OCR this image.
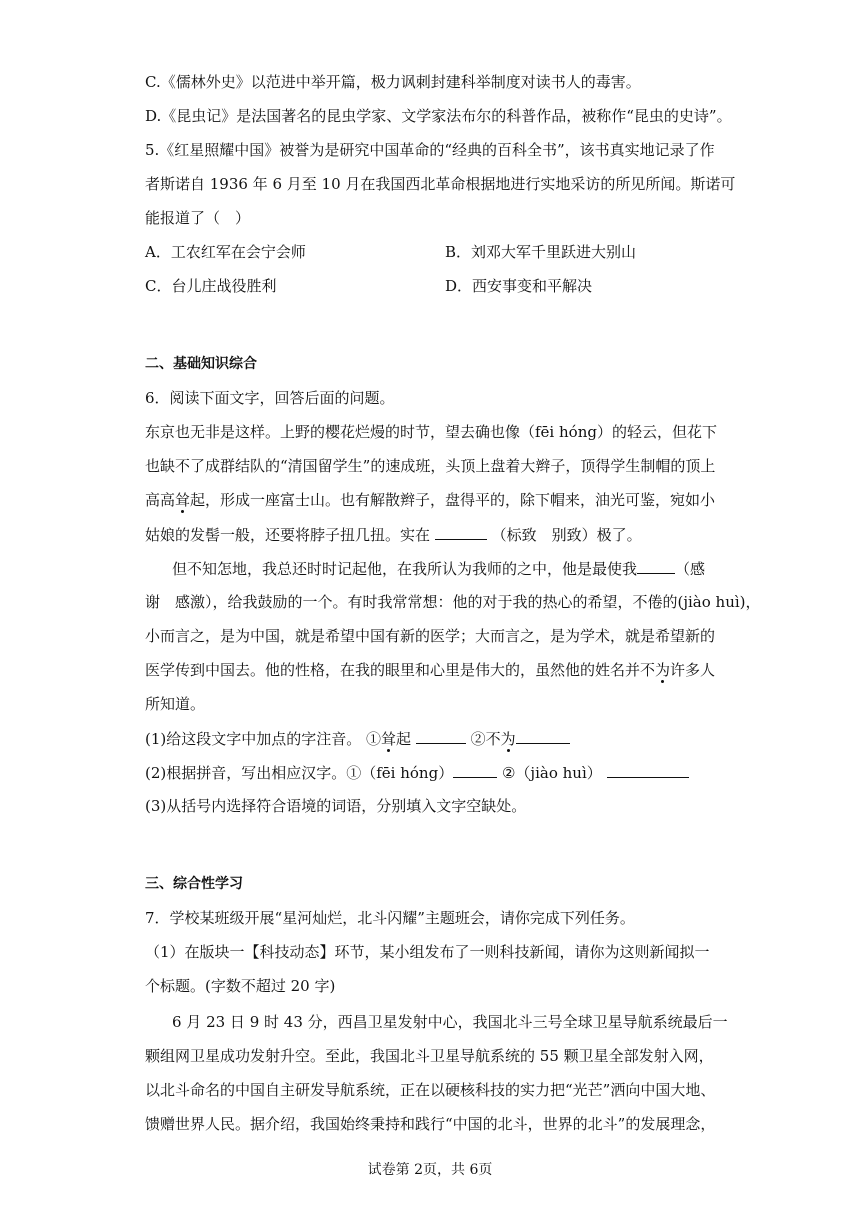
C.《儒林外史》以范进中举开篇，极力讽刺封建科举制度对读书人的毒害。
D.《昆虫记》是法国著名的昆虫学家、文学家法布尔的科普作品，被称作“昆虫的史诗”。
5.《红星照耀中国》被誉为是研究中国革命的“经典的百科全书”，该书真实地记录了作
者斯诺自 1936 年 6 月至 10 月在我国西北革命根据地进行实地采访的所见所闻。斯诺可
能报道了（　）
A．工农红军在会宁会师	B．刘邓大军千里跃进大别山
C．台儿庄战役胜利	D．西安事变和平解决
二、基础知识综合
6．阅读下面文字，回答后面的问题。
东京也无非是这样。上野的樱花烂熳的时节，望去确也像（fēi hóng）的轻云，但花下
也缺不了成群结队的“清国留学生”的速成班，头顶上盘着大辫子，顶得学生制帽的顶上
高高耸起，形成一座富士山。也有解散辫子，盘得平的，除下帽来，油光可鉴，宛如小
姑娘的发髻一般，还要将脖子扭几扭。实在	（标致　别致）极了。
但不知怎地，我总还时时记起他，在我所认为我师的之中，他是最使我	（感
谢　感激），给我鼓励的一个。有时我常常想：他的对于我的热心的希望，不倦的(jiào huì)，
小而言之，是为中国，就是希望中国有新的医学；大而言之，是为学术，就是希望新的
医学传到中国去。他的性格，在我的眼里和心里是伟大的，虽然他的姓名并不为许多人
所知道。
(1)给这段文字中加点的字注音。 ①耸起	②不为
(2)根据拼音，写出相应汉字。①（fēi hóng）	②（jiào huì）
(3)从括号内选择符合语境的词语，分别填入文字空缺处。
三、综合性学习
7．学校某班级开展“星河灿烂，北斗闪耀”主题班会，请你完成下列任务。
（1）在版块一【科技动态】环节，某小组发布了一则科技新闻，请你为这则新闻拟一
个标题。(字数不超过 20 字)
6 月 23 日 9 时 43 分，西昌卫星发射中心，我国北斗三号全球卫星导航系统最后一
颗组网卫星成功发射升空。至此，我国北斗卫星导航系统的 55 颗卫星全部发射入网，
以北斗命名的中国自主研发导航系统，正在以硬核科技的实力把“光芒”洒向中国大地、
馈赠世界人民。据介绍，我国始终秉持和践行“中国的北斗，世界的北斗”的发展理念，
试卷第 2页，共 6页
